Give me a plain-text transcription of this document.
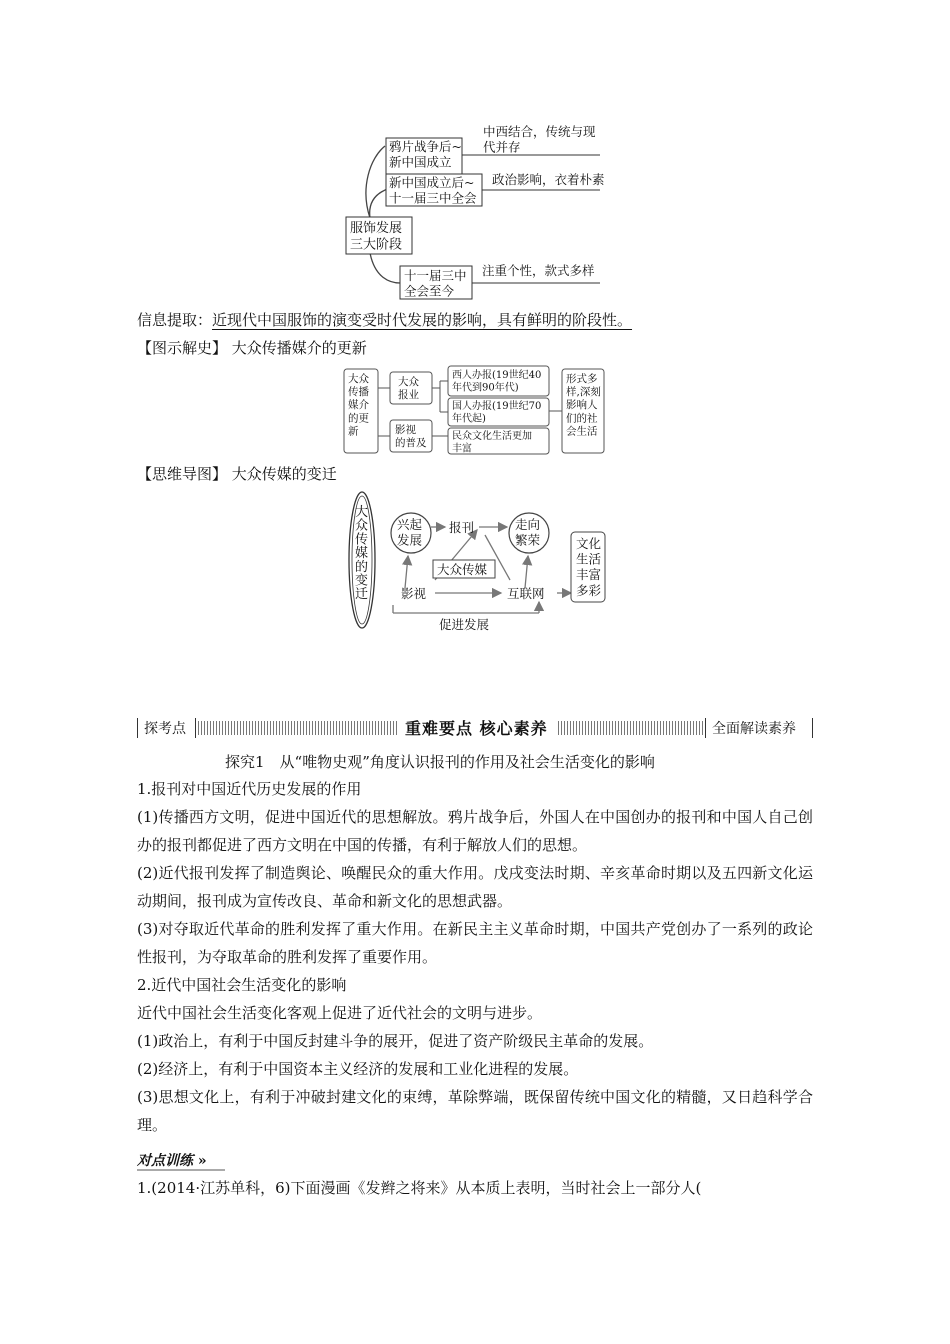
服饰发展三大阶段
鸦片战争后~新中国成立
中西结合，传统与现代并存
新中国成立后~十一届三中全会
政治影响，衣着朴素
十一届三中全会至今
注重个性，款式多样
信息提取：近现代中国服饰的演变受时代发展的影响，具有鲜明的阶段性。
【图示解史】 大众传播媒介的更新
大众传播媒介的更新
大众报业
影视的普及
西人办报(19世纪40 年代到90年代)
国人办报(19世纪70 年代起)
民众文化生活更加丰富
形式多样,深刻影响人们的社会生活
【思维导图】 大众传媒的变迁
大众传媒的变迁
兴起发展
走向繁荣
报刊
大众传媒
影视	互联网
促进发展
文化生活丰富多彩
探考点	重难要点 核心素养	全面解读素养
探究1　从“唯物史观”角度认识报刊的作用及社会生活变化的影响
1.报刊对中国近代历史发展的作用
(1)传播西方文明，促进中国近代的思想解放。鸦片战争后，外国人在中国创办的报刊和中国人自己创办的报刊都促进了西方文明在中国的传播，有利于解放人们的思想。
(2)近代报刊发挥了制造舆论、唤醒民众的重大作用。戊戌变法时期、辛亥革命时期以及五四新文化运动期间，报刊成为宣传改良、革命和新文化的思想武器。
(3)对夺取近代革命的胜利发挥了重大作用。在新民主主义革命时期，中国共产党创办了一系列的政论性报刊，为夺取革命的胜利发挥了重要作用。
2.近代中国社会生活变化的影响
近代中国社会生活变化客观上促进了近代社会的文明与进步。
(1)政治上，有利于中国反封建斗争的展开，促进了资产阶级民主革命的发展。
(2)经济上，有利于中国资本主义经济的发展和工业化进程的发展。
(3)思想文化上，有利于冲破封建文化的束缚，革除弊端，既保留传统中国文化的精髓，又日趋科学合理。
对点训练 »
1.(2014·江苏单科，6)下面漫画《发辫之将来》从本质上表明，当时社会上一部分人(
